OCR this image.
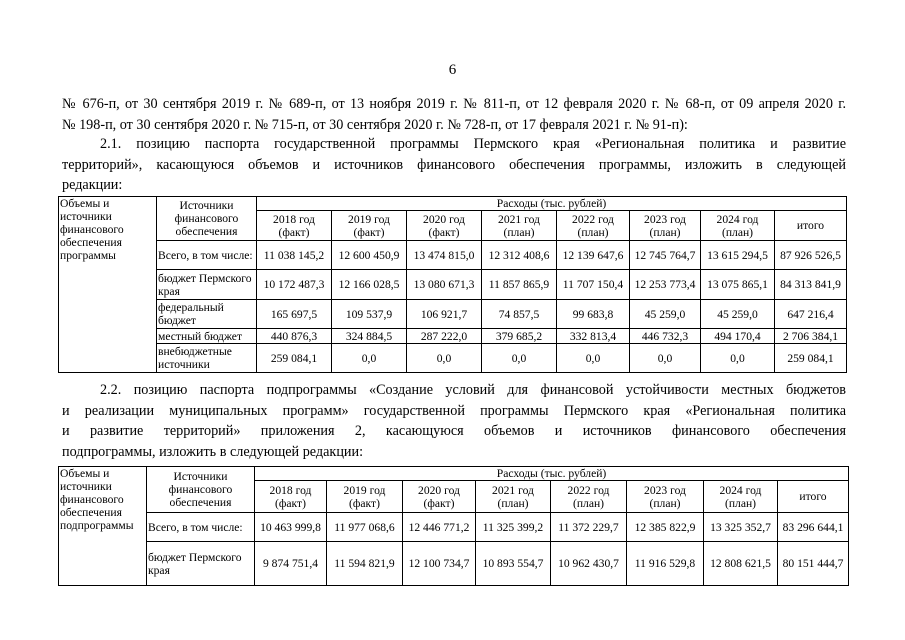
6
№ 676-п, от 30 сентября 2019 г. № 689-п, от 13 ноября 2019 г. № 811-п, от 12 февраля 2020 г. № 68-п, от 09 апреля 2020 г.
№ 198-п, от 30 сентября 2020 г. № 715-п, от 30 сентября 2020 г. № 728-п, от 17 февраля 2021 г. № 91-п):
2.1. позицию паспорта государственной программы Пермского края «Региональная политика и развитие
территорий», касающуюся объемов и источников финансового обеспечения программы, изложить в следующей
редакции:
Объемы и источники финансового обеспечения программы	Источники финансового обеспечения	Расходы (тыс. рублей)							
		2018 год (факт)	2019 год (факт)	2020 год (факт)	2021 год (план)	2022 год (план)	2023 год (план)	2024 год (план)	итого
	Всего, в том числе:	11 038 145,2	12 600 450,9	13 474 815,0	12 312 408,6	12 139 647,6	12 745 764,7	13 615 294,5	87 926 526,5
	бюджет Пермского края	10 172 487,3	12 166 028,5	13 080 671,3	11 857 865,9	11 707 150,4	12 253 773,4	13 075 865,1	84 313 841,9
	федеральный бюджет	165 697,5	109 537,9	106 921,7	74 857,5	99 683,8	45 259,0	45 259,0	647 216,4
	местный бюджет	440 876,3	324 884,5	287 222,0	379 685,2	332 813,4	446 732,3	494 170,4	2 706 384,1
	внебюджетные источники	259 084,1	0,0	0,0	0,0	0,0	0,0	0,0	259 084,1
2.2. позицию паспорта подпрограммы «Создание условий для финансовой устойчивости местных бюджетов
и реализации муниципальных программ» государственной программы Пермского края «Региональная политика
и развитие территорий» приложения 2, касающуюся объемов и источников финансового обеспечения
подпрограммы, изложить в следующей редакции:
Объемы и источники финансового обеспечения подпрограммы	Источники финансового обеспечения	Расходы (тыс. рублей)							
		2018 год (факт)	2019 год (факт)	2020 год (факт)	2021 год (план)	2022 год (план)	2023 год (план)	2024 год (план)	итого
	Всего, в том числе:	10 463 999,8	11 977 068,6	12 446 771,2	11 325 399,2	11 372 229,7	12 385 822,9	13 325 352,7	83 296 644,1
	бюджет Пермского края	9 874 751,4	11 594 821,9	12 100 734,7	10 893 554,7	10 962 430,7	11 916 529,8	12 808 621,5	80 151 444,7
